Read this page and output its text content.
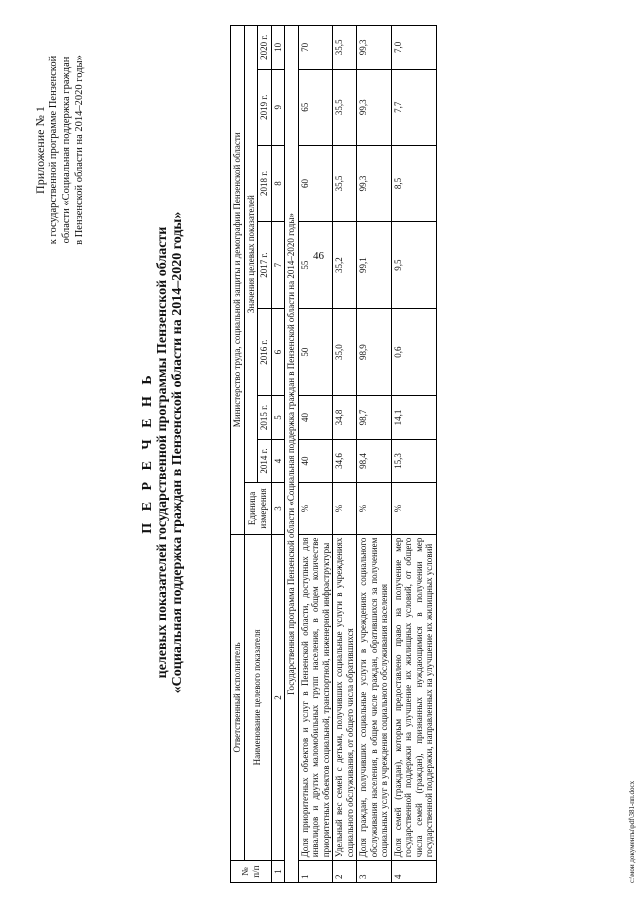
46
Приложение № 1 к государственной программе Пензенской области «Социальная поддержка граждан в Пензенской области на 2014–2020 годы»
П Е Р Е Ч Е Н Ь целевых показателей государственной программы Пензенской области «Социальная поддержка граждан в Пензенской области на 2014–2020 годы»
№ п/п	Ответственный исполнитель	Министерство труда, социальной защиты и демографии Пензенской области							
	Наименование целевого показателя	Единица измерения	Значения целевых показателей						
			2014 г.	2015 г.	2016 г.	2017 г.	2018 г.	2019 г.	2020 г.
1	2	3	4	5	6	7	8	9	10
Государственная программа Пензенской области «Социальная поддержка граждан в Пензенской области на 2014–2020 годы»									
1	Доля приоритетных объектов и услуг в Пензенской области, доступных для инвалидов и других маломобильных групп населения, в общем количестве приоритетных объектов социальной, транспортной, инженерной инфраструктуры	%	40	40	50	55	60	65	70
2	Удельный вес семей с детьми, получивших социальные услуги в учреждениях социального обслуживания, от общего числа обратившихся	%	34,6	34,8	35,0	35,2	35,5	35,5	35,5
3	Доля граждан, получивших социальные услуги в учреждениях социального обслуживания населения, в общем числе граждан, обратившихся за получением социальных услуг в учреждения социального обслуживания населения	%	98,4	98,7	98,9	99,1	99,3	99,3	99,3
4	Доля семей (граждан), которым предоставлено право на получение мер государственной поддержки на улучшение их жилищных условий, от общего числа семей (граждан), признанных нуждающимися в получении мер государственной поддержки, направленных на улучшение их жилищных условий	%	15,3	14,1	0,6	9,5	8,5	7,7	7,0
c:\мои документы\pdf\381-пп.docx
